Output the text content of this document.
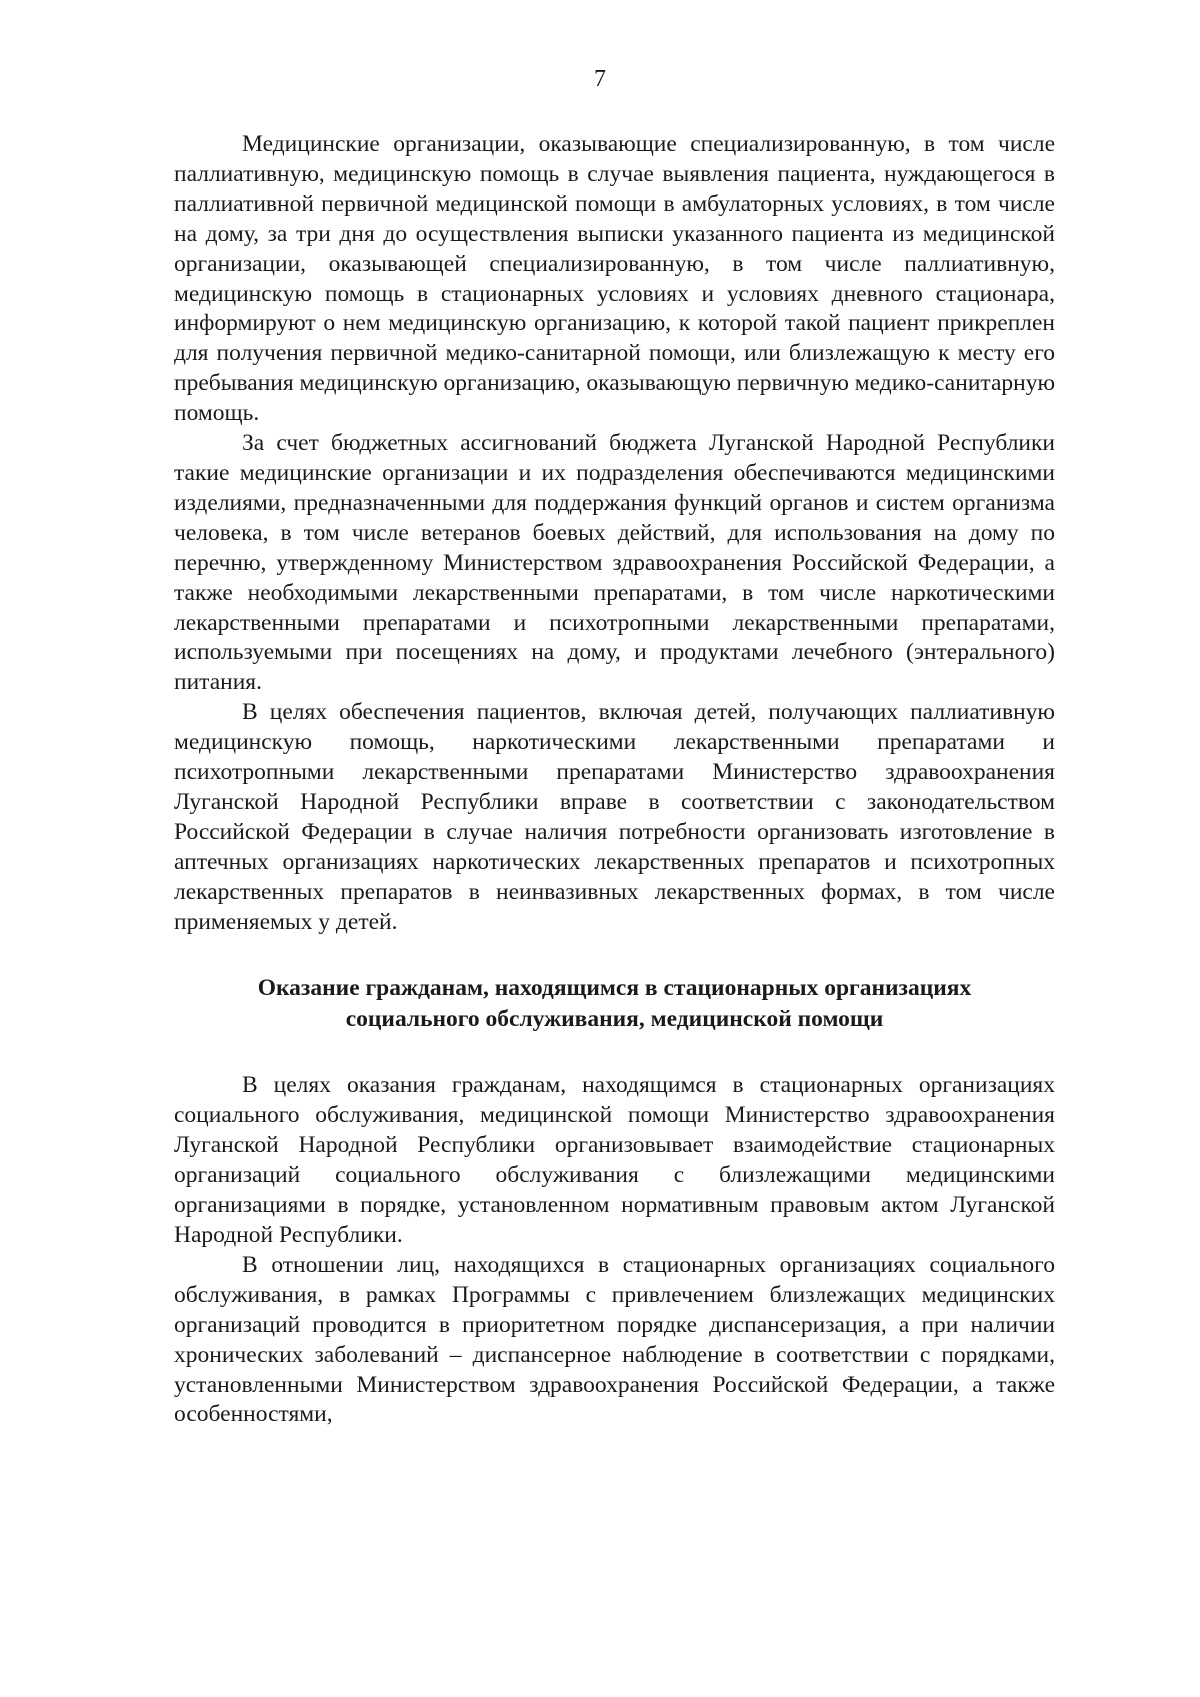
7

Медицинские организации, оказывающие специализированную, в том числе паллиативную, медицинскую помощь в случае выявления пациента, нуждающегося в паллиативной первичной медицинской помощи в амбулаторных условиях, в том числе на дому, за три дня до осуществления выписки указанного пациента из медицинской организации, оказывающей специализированную, в том числе паллиативную, медицинскую помощь в стационарных условиях и условиях дневного стационара, информируют о нем медицинскую организацию, к которой такой пациент прикреплен для получения первичной медико-санитарной помощи, или близлежащую к месту его пребывания медицинскую организацию, оказывающую первичную медико-санитарную помощь.

За счет бюджетных ассигнований бюджета Луганской Народной Республики такие медицинские организации и их подразделения обеспечиваются медицинскими изделиями, предназначенными для поддержания функций органов и систем организма человека, в том числе ветеранов боевых действий, для использования на дому по перечню, утвержденному Министерством здравоохранения Российской Федерации, а также необходимыми лекарственными препаратами, в том числе наркотическими лекарственными препаратами и психотропными лекарственными препаратами, используемыми при посещениях на дому, и продуктами лечебного (энтерального) питания.

В целях обеспечения пациентов, включая детей, получающих паллиативную медицинскую помощь, наркотическими лекарственными препаратами и психотропными лекарственными препаратами Министерство здравоохранения Луганской Народной Республики вправе в соответствии с законодательством Российской Федерации в случае наличия потребности организовать изготовление в аптечных организациях наркотических лекарственных препаратов и психотропных лекарственных препаратов в неинвазивных лекарственных формах, в том числе применяемых у детей.

Оказание гражданам, находящимся в стационарных организациях
социального обслуживания, медицинской помощи

В целях оказания гражданам, находящимся в стационарных организациях социального обслуживания, медицинской помощи Министерство здравоохранения Луганской Народной Республики организовывает взаимодействие стационарных организаций социального обслуживания с близлежащими медицинскими организациями в порядке, установленном нормативным правовым актом Луганской Народной Республики.

В отношении лиц, находящихся в стационарных организациях социального обслуживания, в рамках Программы с привлечением близлежащих медицинских организаций проводится в приоритетном порядке диспансеризация, а при наличии хронических заболеваний – диспансерное наблюдение в соответствии с порядками, установленными Министерством здравоохранения Российской Федерации, а также особенностями,
